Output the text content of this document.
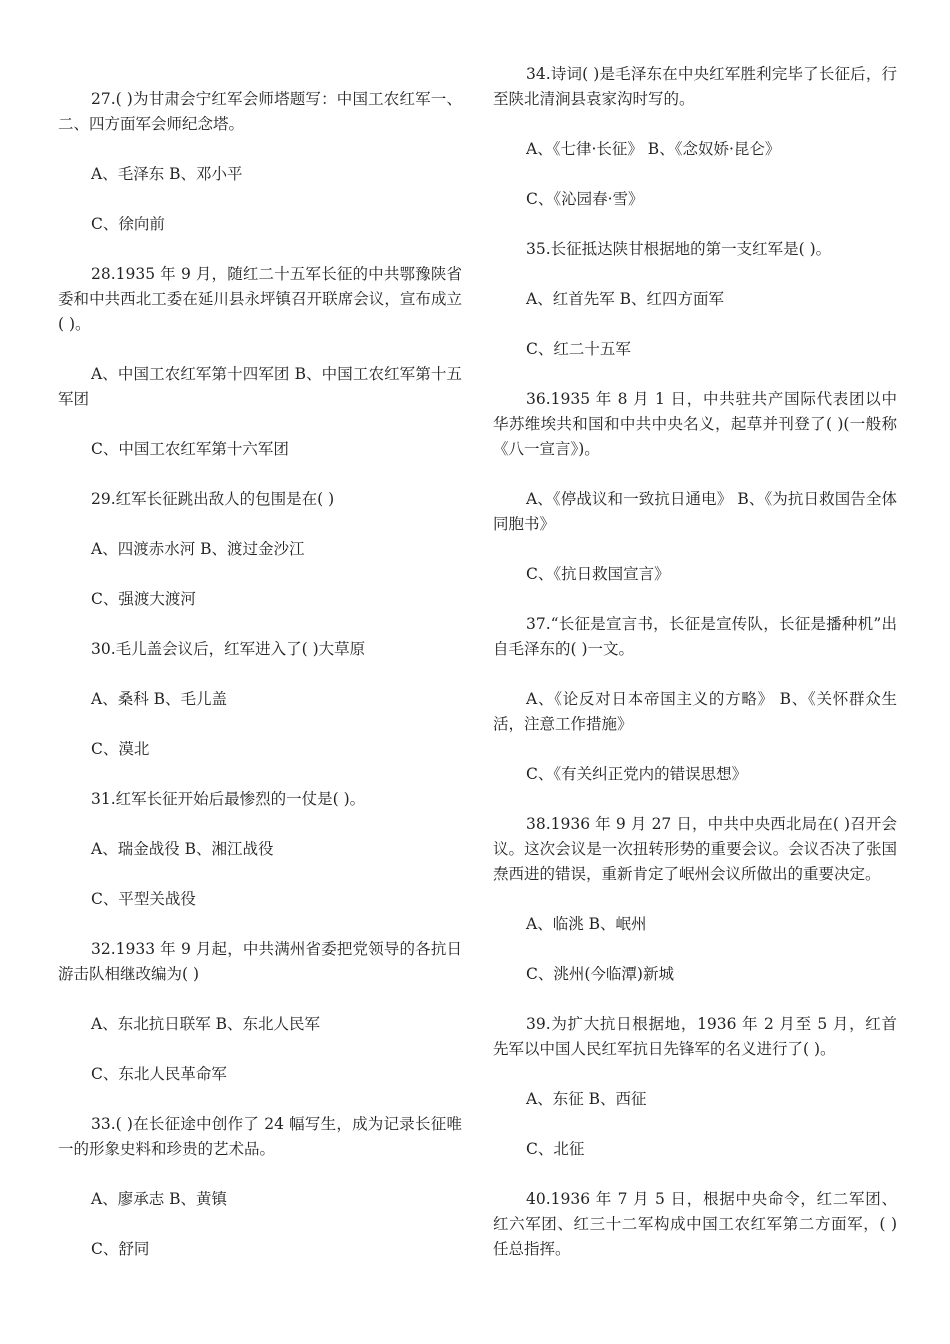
27.( )为甘肃会宁红军会师塔题写：中国工农红军一、二、四方面军会师纪念塔。

A、毛泽东 B、邓小平

C、徐向前

28.1935 年 9 月，随红二十五军长征的中共鄂豫陕省委和中共西北工委在延川县永坪镇召开联席会议，宣布成立( )。

A、中国工农红军第十四军团 B、中国工农红军第十五军团

C、中国工农红军第十六军团

29.红军长征跳出敌人的包围是在( )

A、四渡赤水河 B、渡过金沙江

C、强渡大渡河

30.毛儿盖会议后，红军进入了( )大草原

A、桑科 B、毛儿盖

C、漠北

31.红军长征开始后最惨烈的一仗是( )。

A、瑞金战役 B、湘江战役

C、平型关战役

32.1933 年 9 月起，中共满州省委把党领导的各抗日游击队相继改编为( )

A、东北抗日联军 B、东北人民军

C、东北人民革命军

33.( )在长征途中创作了 24 幅写生，成为记录长征唯一的形象史料和珍贵的艺术品。

A、廖承志 B、黄镇

C、舒同

34.诗词( )是毛泽东在中央红军胜利完毕了长征后，行至陕北清涧县袁家沟时写的。

A、《七律·长征》 B、《念奴娇·昆仑》

C、《沁园春·雪》

35.长征抵达陕甘根据地的第一支红军是( )。

A、红首先军 B、红四方面军

C、红二十五军

36.1935 年 8 月 1 日，中共驻共产国际代表团以中华苏维埃共和国和中共中央名义，起草并刊登了( )(一般称《八一宣言》)。

A、《停战议和一致抗日通电》 B、《为抗日救国告全体同胞书》

C、《抗日救国宣言》

37.“长征是宣言书，长征是宣传队，长征是播种机”出自毛泽东的( )一文。

A、《论反对日本帝国主义的方略》 B、《关怀群众生活，注意工作措施》

C、《有关纠正党内的错误思想》

38.1936 年 9 月 27 日，中共中央西北局在( )召开会议。这次会议是一次扭转形势的重要会议。会议否决了张国焘西进的错误，重新肯定了岷州会议所做出的重要决定。

A、临洮 B、岷州

C、洮州(今临潭)新城

39.为扩大抗日根据地，1936 年 2 月至 5 月，红首先军以中国人民红军抗日先锋军的名义进行了( )。

A、东征 B、西征

C、北征

40.1936 年 7 月 5 日，根据中央命令，红二军团、红六军团、红三十二军构成中国工农红军第二方面军，( )任总指挥。
